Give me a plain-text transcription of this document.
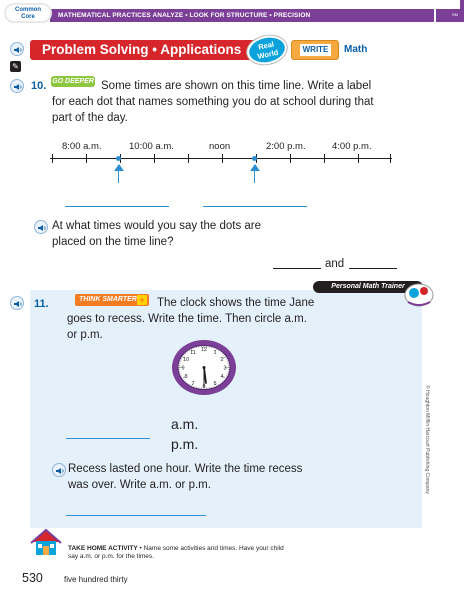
MATHEMATICAL PRACTICES ANALYZE • LOOK FOR STRUCTURE • PRECISION	SM
Common
Core
Problem Solving • Applications	Real World	WRITE Math
✎
10. GO DEEPER Some times are shown on this time line. Write a label for each dot that names something you do at school during that part of the day.
8:00 a.m.	10:00 a.m.	noon	2:00 p.m.	4:00 p.m.
At what times would you say the dots are placed on the time line?
and
Personal Math Trainer
11.	THINK SMARTER +	The clock shows the time Jane goes to recess. Write the time. Then circle a.m. or p.m.
12 1
2
3
4
5
6
7
8
9
10
11
a.m.
p.m.
Recess lasted one hour. Write the time recess was over. Write a.m. or p.m.	© Houghton Mifflin Harcourt Publishing Company
TAKE HOME ACTIVITY • Name some activities and times. Have your child say a.m. or p.m. for the times.
530	five hundred thirty
